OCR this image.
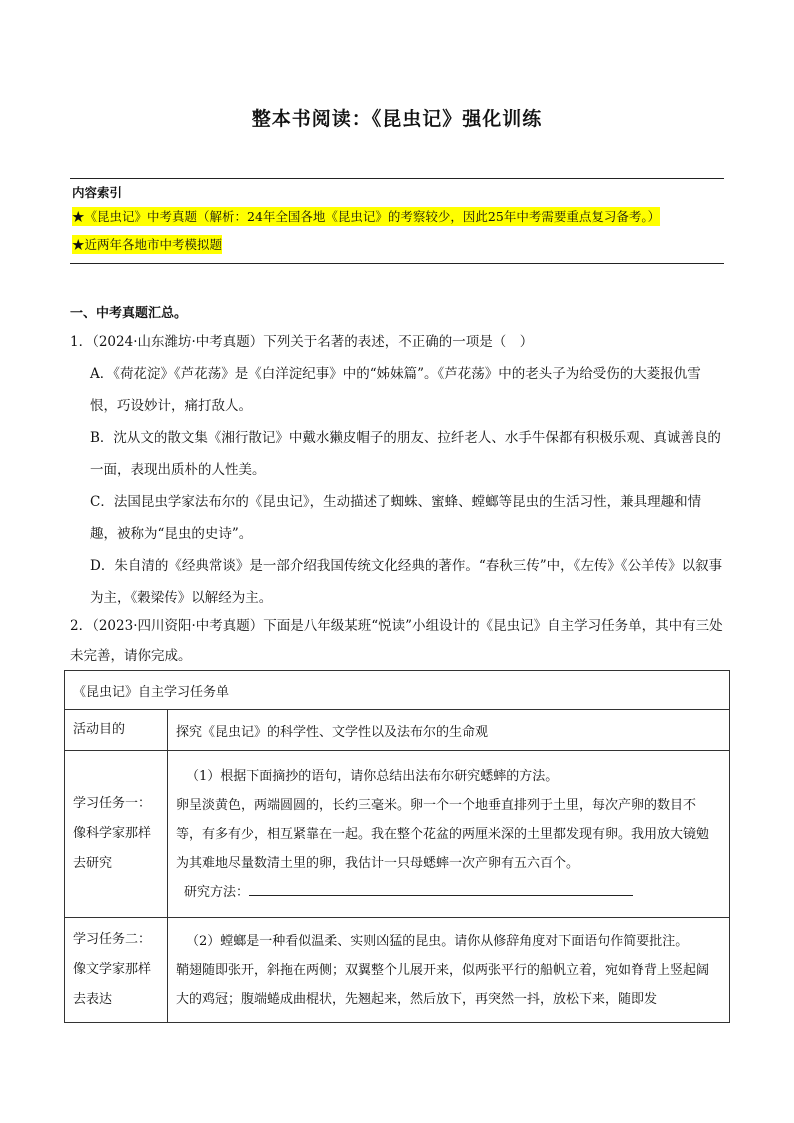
整本书阅读：《昆虫记》强化训练
内容索引
★《昆虫记》中考真题（解析：24年全国各地《昆虫记》的考察较少，因此25年中考需要重点复习备考。）
★近两年各地市中考模拟题
一、中考真题汇总。
1．（2024·山东潍坊·中考真题）下列关于名著的表述，不正确的一项是（　）
A．《荷花淀》《芦花荡》是《白洋淀纪事》中的“姊妹篇”。《芦花荡》中的老头子为给受伤的大菱报仇雪恨，巧设妙计，痛打敌人。
B．沈从文的散文集《湘行散记》中戴水獭皮帽子的朋友、拉纤老人、水手牛保都有积极乐观、真诚善良的一面，表现出质朴的人性美。
C．法国昆虫学家法布尔的《昆虫记》，生动描述了蜘蛛、蜜蜂、螳螂等昆虫的生活习性，兼具理趣和情趣，被称为“昆虫的史诗”。
D．朱自清的《经典常谈》是一部介绍我国传统文化经典的著作。“春秋三传”中，《左传》《公羊传》以叙事为主，《穀梁传》以解经为主。
2．（2023·四川资阳·中考真题）下面是八年级某班“悦读”小组设计的《昆虫记》自主学习任务单，其中有三处未完善，请你完成。
《昆虫记》自主学习任务单	
活动目的	探究《昆虫记》的科学性、文学性以及法布尔的生命观
学习任务一：像科学家那样去研究	（1）根据下面摘抄的语句，请你总结出法布尔研究蟋蟀的方法。
卵呈淡黄色，两端圆圆的，长约三毫米。卵一个一个地垂直排列于土里，每次产卵的数目不等，有多有少，相互紧靠在一起。我在整个花盆的两厘米深的土里都发现有卵。我用放大镜勉为其难地尽量数清土里的卵，我估计一只母蟋蟀一次产卵有五六百个。
研究方法：
学习任务二：像文学家那样去表达	（2）螳螂是一种看似温柔、实则凶猛的昆虫。请你从修辞角度对下面语句作简要批注。
鞘翅随即张开，斜拖在两侧；双翼整个儿展开来，似两张平行的船帆立着，宛如脊背上竖起阔大的鸡冠；腹端蜷成曲棍状，先翘起来，然后放下，再突然一抖，放松下来，随即发
